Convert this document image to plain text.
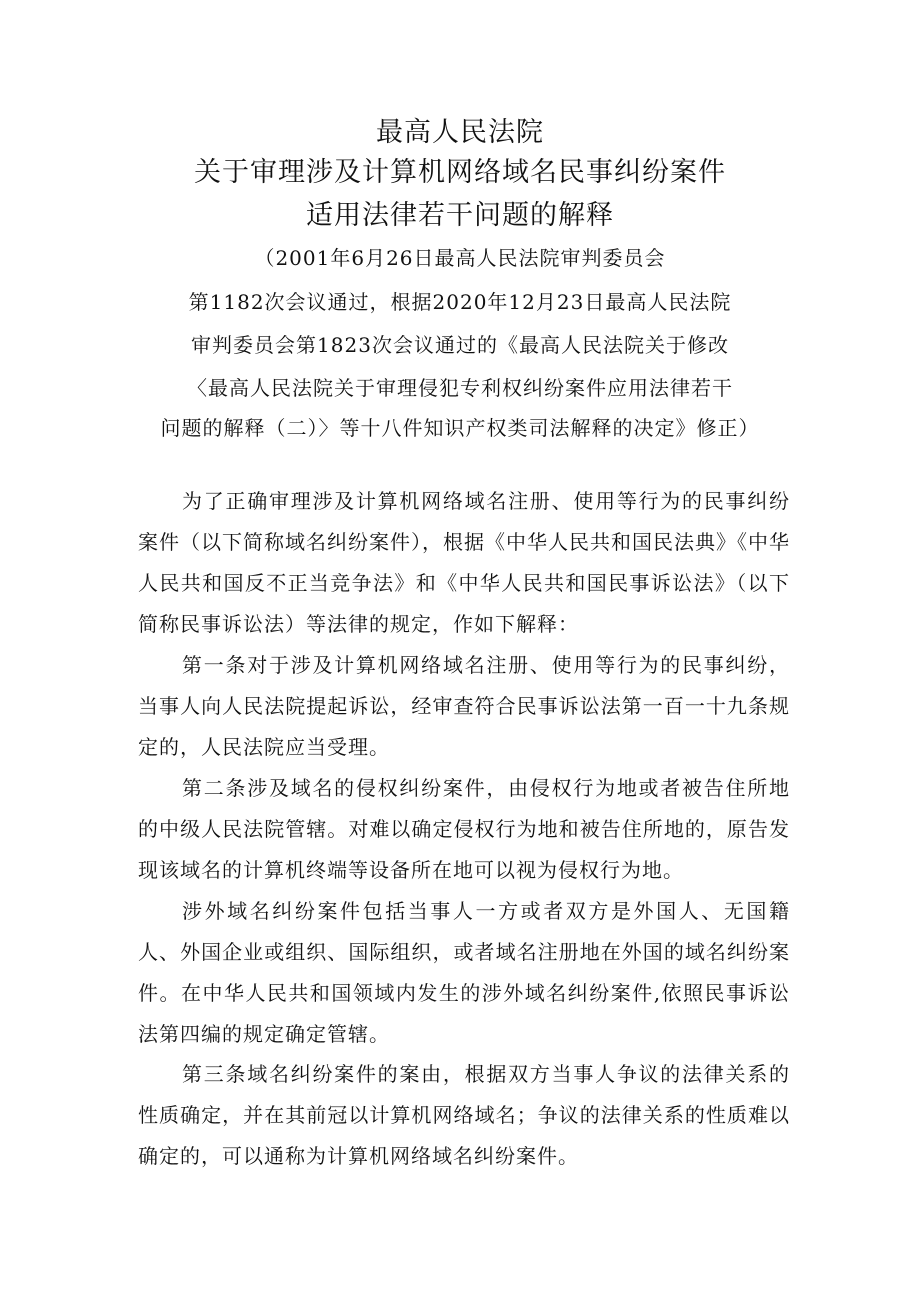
最高人民法院
关于审理涉及计算机网络域名民事纠纷案件
适用法律若干问题的解释
（2001年6月26日最高人民法院审判委员会
第1182次会议通过，根据2020年12月23日最高人民法院
审判委员会第1823次会议通过的《最高人民法院关于修改
〈最高人民法院关于审理侵犯专利权纠纷案件应用法律若干
问题的解释（二）〉等十八件知识产权类司法解释的决定》修正）

为了正确审理涉及计算机网络域名注册、使用等行为的民事纠纷案件（以下简称域名纠纷案件），根据《中华人民共和国民法典》《中华人民共和国反不正当竞争法》和《中华人民共和国民事诉讼法》（以下简称民事诉讼法）等法律的规定，作如下解释：

第一条对于涉及计算机网络域名注册、使用等行为的民事纠纷，当事人向人民法院提起诉讼，经审查符合民事诉讼法第一百一十九条规定的，人民法院应当受理。

第二条涉及域名的侵权纠纷案件，由侵权行为地或者被告住所地的中级人民法院管辖。对难以确定侵权行为地和被告住所地的，原告发现该域名的计算机终端等设备所在地可以视为侵权行为地。

涉外域名纠纷案件包括当事人一方或者双方是外国人、无国籍人、外国企业或组织、国际组织，或者域名注册地在外国的域名纠纷案件。在中华人民共和国领域内发生的涉外域名纠纷案件,依照民事诉讼法第四编的规定确定管辖。

第三条域名纠纷案件的案由，根据双方当事人争议的法律关系的性质确定，并在其前冠以计算机网络域名；争议的法律关系的性质难以确定的，可以通称为计算机网络域名纠纷案件。
